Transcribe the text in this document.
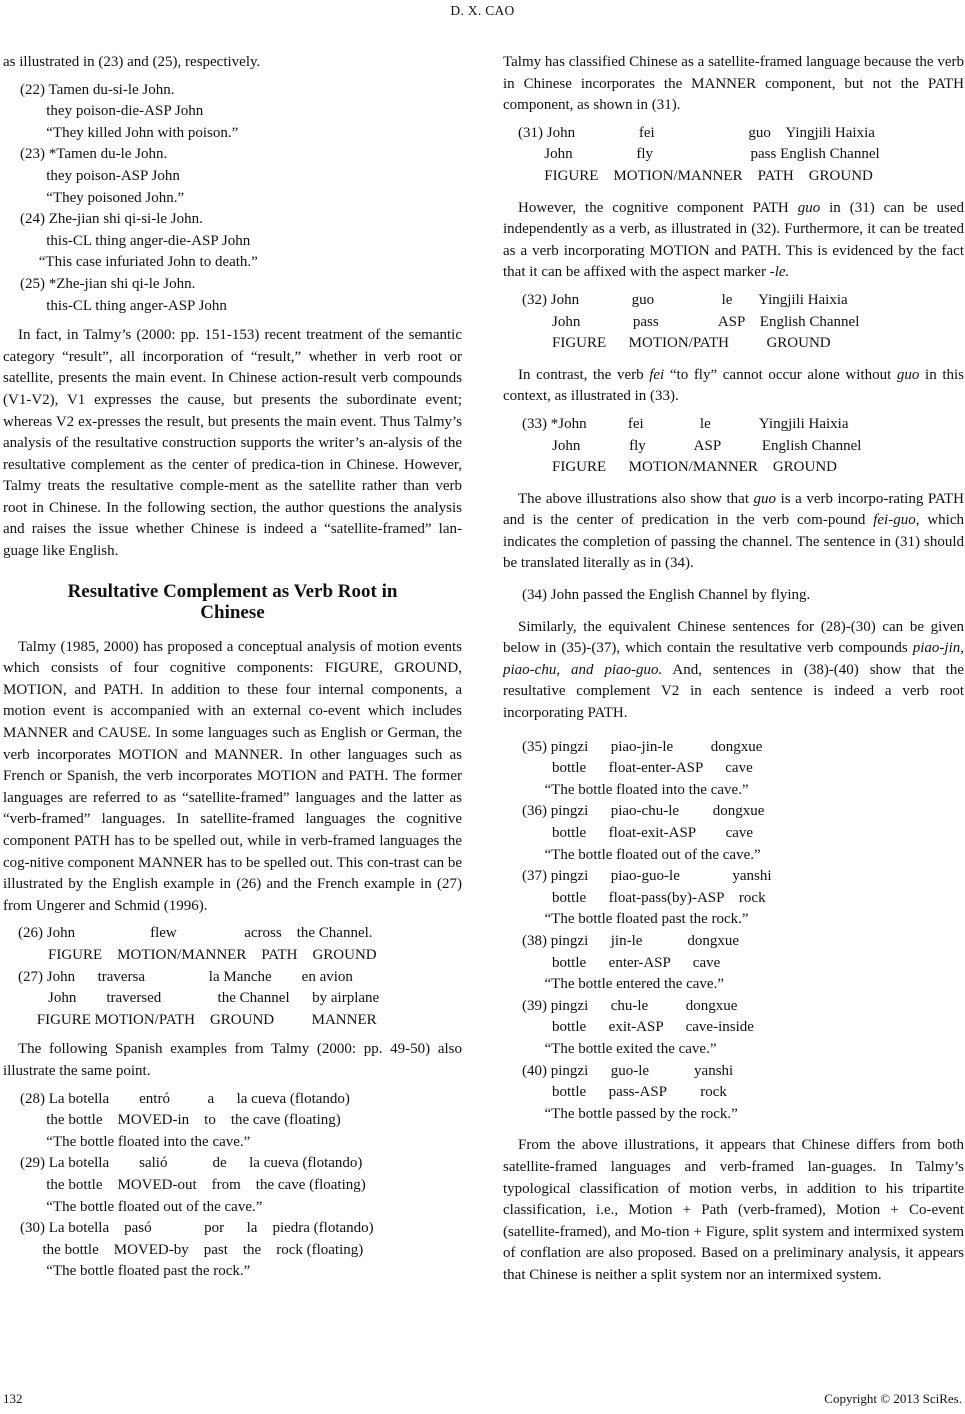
D. X. CAO

as illustrated in (23) and (25), respectively.

(22) Tamen du-si-le John.

they poison-die-ASP John

“They killed John with poison.”

(23) *Tamen du-le John.

they poison-ASP John

“They poisoned John.”

(24) Zhe-jian shi qi-si-le John.

this-CL thing anger-die-ASP John

“This case infuriated John to death.”

(25) *Zhe-jian shi qi-le John.

this-CL thing anger-ASP John

In fact, in Talmy’s (2000: pp. 151-153) recent treatment of the semantic category “result”, all incorporation of “result,” whether in verb root or satellite, presents the main event. In Chinese action-result verb compounds (V1-V2), V1 expresses the cause, but presents the subordinate event; whereas V2 ex-presses the result, but presents the main event. Thus Talmy’s analysis of the resultative construction supports the writer’s an-alysis of the resultative complement as the center of predica-tion in Chinese. However, Talmy treats the resultative comple-ment as the satellite rather than verb root in Chinese. In the following section, the author questions the analysis and raises the issue whether Chinese is indeed a “satellite-framed” lan-guage like English.

Resultative Complement as Verb Root in
Chinese

Talmy (1985, 2000) has proposed a conceptual analysis of motion events which consists of four cognitive components: FIGURE, GROUND, MOTION, and PATH. In addition to these four internal components, a motion event is accompanied with an external co-event which includes MANNER and CAUSE. In some languages such as English or German, the verb incorporates MOTION and MANNER. In other languages such as French or Spanish, the verb incorporates MOTION and PATH. The former languages are referred to as “satellite-framed” languages and the latter as “verb-framed” languages. In satellite-framed languages the cognitive component PATH has to be spelled out, while in verb-framed languages the cog-nitive component MANNER has to be spelled out. This con-trast can be illustrated by the English example in (26) and the French example in (27) from Ungerer and Schmid (1996).

(26) John                    flew                  across    the Channel.

FIGURE    MOTION/MANNER    PATH    GROUND

(27) John      traversa                 la Manche        en avion

John        traversed               the Channel      by airplane

FIGURE MOTION/PATH    GROUND          MANNER

The following Spanish examples from Talmy (2000: pp. 49-50) also illustrate the same point.

(28) La botella        entró          a      la cueva (flotando)

the bottle    MOVED-in    to    the cave (floating)

“The bottle floated into the cave.”

(29) La botella        salió            de      la cueva (flotando)

the bottle    MOVED-out    from    the cave (floating)

“The bottle floated out of the cave.”

(30) La botella    pasó              por      la    piedra (flotando)

the bottle    MOVED-by    past    the    rock (floating)

“The bottle floated past the rock.”

Talmy has classified Chinese as a satellite-framed language because the verb in Chinese incorporates the MANNER component, but not the PATH component, as shown in (31).

(31) John                 fei                         guo    Yingjili Haixia

John                 fly                          pass English Channel

FIGURE    MOTION/MANNER    PATH    GROUND

However, the cognitive component PATH guo in (31) can be used independently as a verb, as illustrated in (32). Furthermore, it can be treated as a verb incorporating MOTION and PATH. This is evidenced by the fact that it can be affixed with the aspect marker -le.

(32) John              guo                  le       Yingjili Haixia

John              pass                ASP    English Channel

FIGURE      MOTION/PATH          GROUND

In contrast, the verb fei “to fly” cannot occur alone without guo in this context, as illustrated in (33).

(33) *John           fei               le             Yingjili Haixia

John             fly             ASP           English Channel

FIGURE      MOTION/MANNER    GROUND

The above illustrations also show that guo is a verb incorpo-rating PATH and is the center of predication in the verb com-pound fei-guo, which indicates the completion of passing the channel. The sentence in (31) should be translated literally as in (34).

(34) John passed the English Channel by flying.

Similarly, the equivalent Chinese sentences for (28)-(30) can be given below in (35)-(37), which contain the resultative verb compounds piao-jin, piao-chu, and piao-guo. And, sentences in (38)-(40) show that the resultative complement V2 in each sentence is indeed a verb root incorporating PATH.

(35) pingzi      piao-jin-le          dongxue

bottle      float-enter-ASP      cave

“The bottle floated into the cave.”

(36) pingzi      piao-chu-le         dongxue

bottle      float-exit-ASP        cave

“The bottle floated out of the cave.”

(37) pingzi      piao-guo-le              yanshi

bottle      float-pass(by)-ASP    rock

“The bottle floated past the rock.”

(38) pingzi      jin-le            dongxue

bottle      enter-ASP      cave

“The bottle entered the cave.”

(39) pingzi      chu-le          dongxue

bottle      exit-ASP      cave-inside

“The bottle exited the cave.”

(40) pingzi      guo-le            yanshi

bottle      pass-ASP         rock

“The bottle passed by the rock.”

From the above illustrations, it appears that Chinese differs from both satellite-framed languages and verb-framed lan-guages. In Talmy’s typological classification of motion verbs, in addition to his tripartite classification, i.e., Motion + Path (verb-framed), Motion + Co-event (satellite-framed), and Mo-tion + Figure, split system and intermixed system of conflation are also proposed. Based on a preliminary analysis, it appears that Chinese is neither a split system nor an intermixed system.

132	Copyright © 2013 SciRes.
